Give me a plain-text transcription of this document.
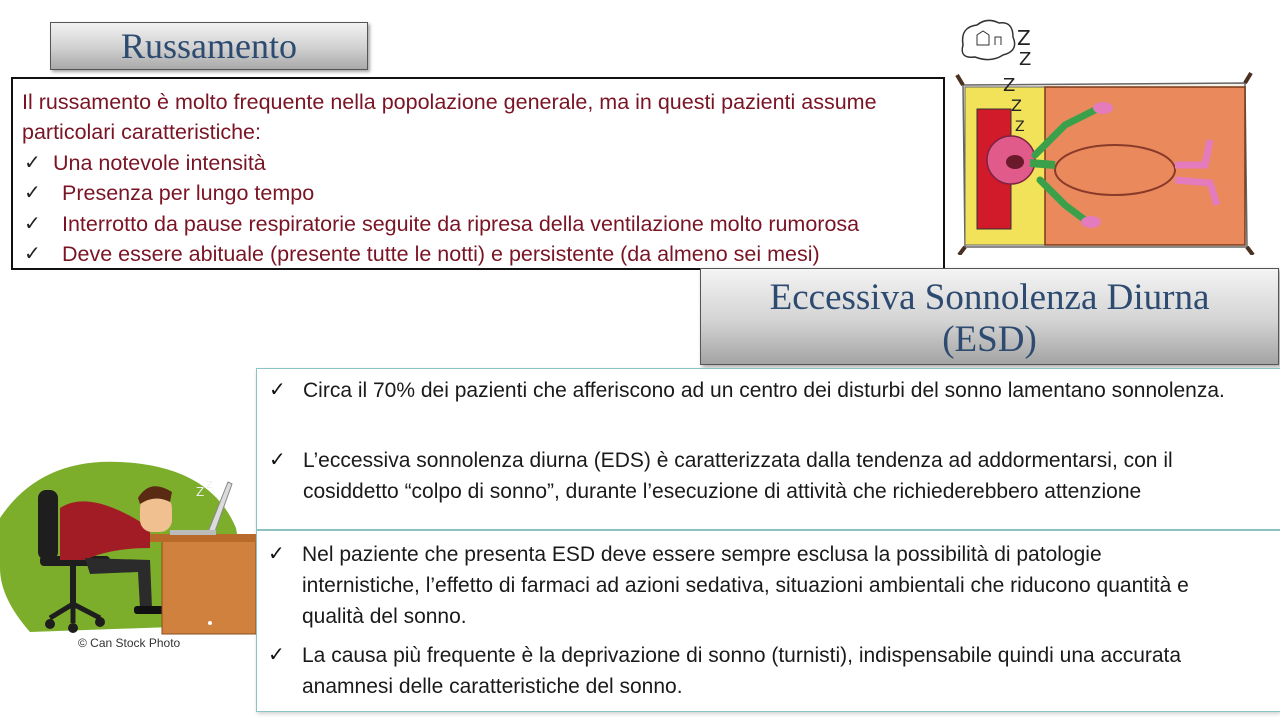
Russamento

Il russamento è molto frequente nella popolazione generale, ma in questi pazienti assume particolari caratteristiche:

✓ Una notevole intensità
✓ Presenza per lungo tempo
✓ Interrotto da pause respiratorie seguite da ripresa della ventilazione molto rumorosa
✓ Deve essere abituale (presente tutte le notti) e persistente (da almeno sei mesi)
Z
Z
Z
Z
Z
Eccessiva Sonnolenza Diurna
(ESD)
✓ Circa il 70% dei pazienti che afferiscono ad un centro dei disturbi del sonno lamentano sonnolenza.
✓ L’eccessiva sonnolenza diurna (EDS) è caratterizzata dalla tendenza ad addormentarsi, con il cosiddetto “colpo di sonno”, durante l’esecuzione di attività che richiederebbero attenzione
✓ Nel paziente che presenta ESD deve essere sempre esclusa la possibilità di patologie internistiche, l’effetto di farmaci ad azioni sedativa, situazioni ambientali che riducono quantità e qualità del sonno.
✓ La causa più frequente è la deprivazione di sonno (turnisti), indispensabile quindi una accurata anamnesi delle caratteristiche del sonno.
Z Z
© Can Stock Photo
